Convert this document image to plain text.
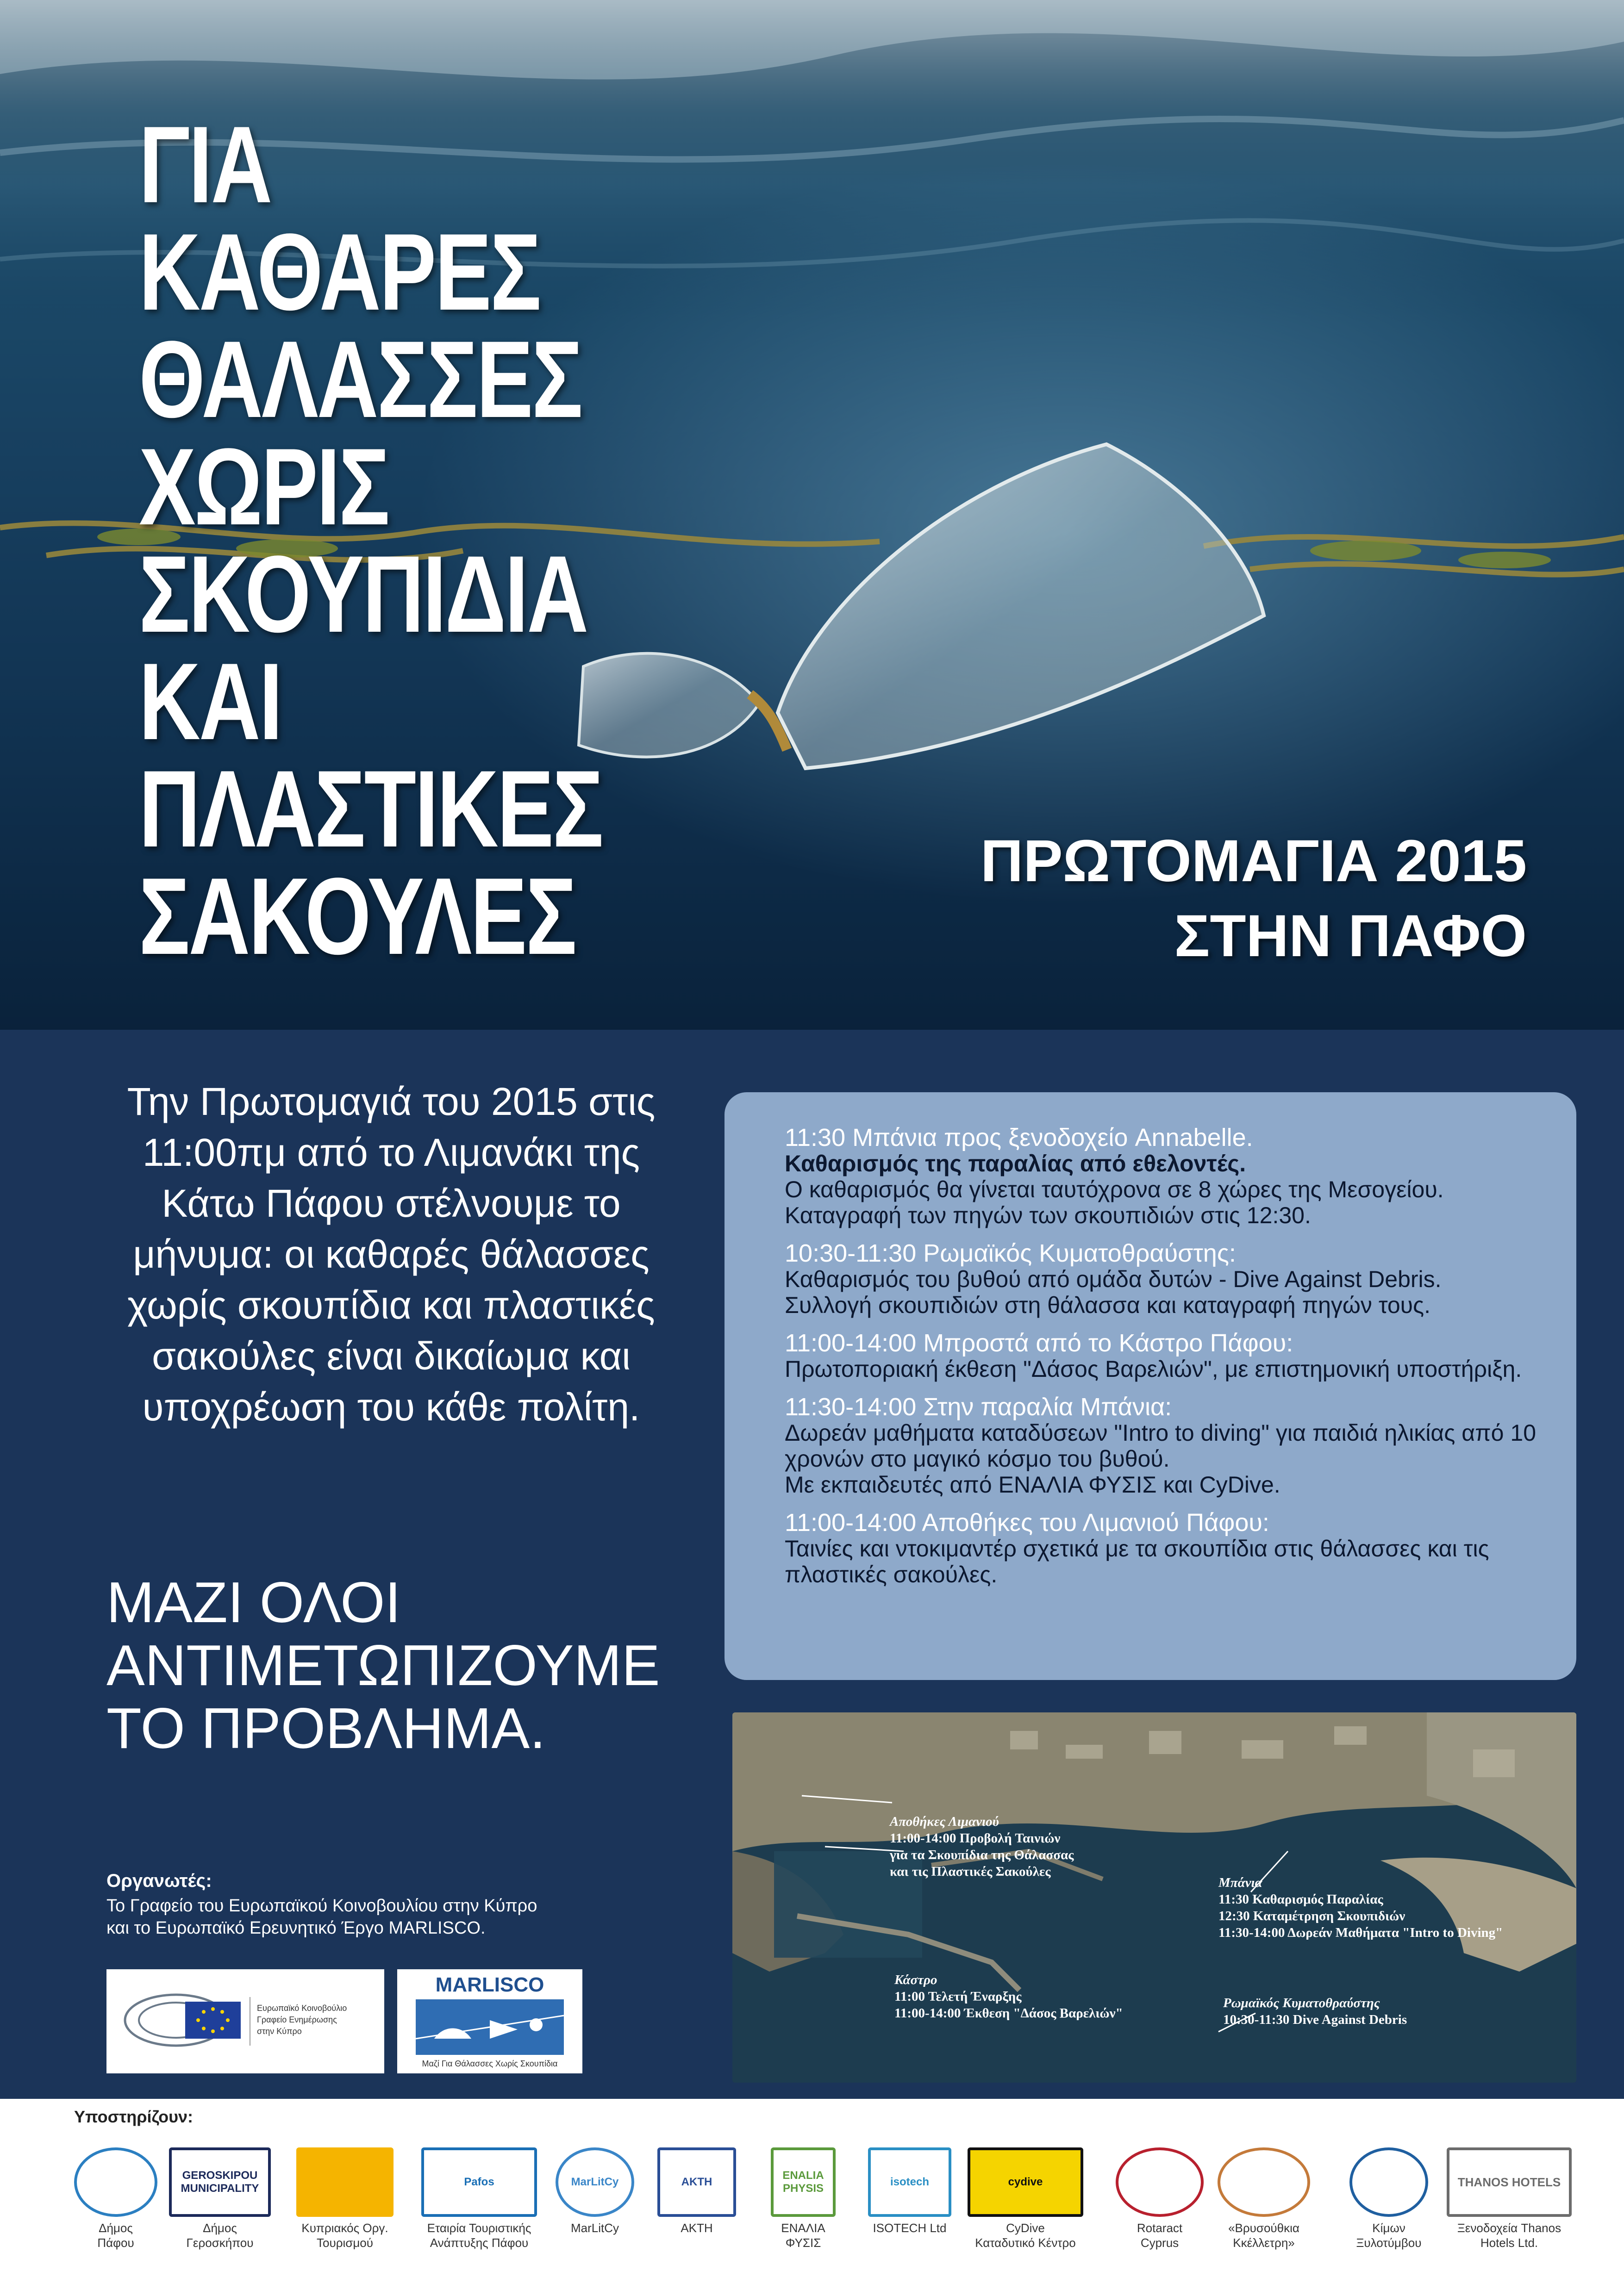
ΓΙΑ
ΚΑΘΑΡΕΣ
ΘΑΛΑΣΣΕΣ
ΧΩΡΙΣ
ΣΚΟΥΠΙΔΙΑ
ΚΑΙ
ΠΛΑΣΤΙΚΕΣ
ΣΑΚΟΥΛΕΣ	ΠΡΩΤΟΜΑΓΙΑ 2015
ΣΤΗΝ ΠΑΦΟ

Την Πρωτομαγιά του 2015 στις 11:00πμ από το Λιμανάκι της Κάτω Πάφου στέλνουμε το μήνυμα: οι καθαρές θάλασσες χωρίς σκουπίδια και πλαστικές σακούλες είναι δικαίωμα και υποχρέωση του κάθε πολίτη.

ΜΑΖΙ ΟΛΟΙ
ΑΝΤΙΜΕΤΩΠΙΖΟΥΜΕ
ΤΟ ΠΡΟΒΛΗΜΑ.

11:30 Μπάνια προς ξενοδοχείο Annabelle.

Καθαρισμός της παραλίας από εθελοντές.

Ο καθαρισμός θα γίνεται ταυτόχρονα σε 8 χώρες της Μεσογείου.

Καταγραφή των πηγών των σκουπιδιών στις 12:30.

10:30-11:30 Ρωμαϊκός Κυματοθραύστης:

Καθαρισμός του βυθού από ομάδα δυτών - Dive Against Debris.

Συλλογή σκουπιδιών στη θάλασσα και καταγραφή πηγών τους.

11:00-14:00 Μπροστά από το Κάστρο Πάφου:

Πρωτοποριακή έκθεση "Δάσος Βαρελιών", με επιστημονική υποστήριξη.

11:30-14:00 Στην παραλία Μπάνια:

Δωρεάν μαθήματα καταδύσεων "Intro to diving" για παιδιά ηλικίας από 10 χρονών στο μαγικό κόσμο του βυθού.

Με εκπαιδευτές από ΕΝΑΛΙΑ ΦΥΣΙΣ και CyDive.

11:00-14:00 Αποθήκες του Λιμανιού Πάφου:

Ταινίες και ντοκιμαντέρ σχετικά με τα σκουπίδια στις θάλασσες και τις πλαστικές σακούλες.

Αποθήκες Λιμανιού

11:00-14:00 Προβολή Ταινιών

για τα Σκουπίδια της Θάλασσας

και τις Πλαστικές Σακούλες

Κάστρο

11:00 Τελετή Έναρξης

11:00-14:00 Έκθεση "Δάσος Βαρελιών"

Μπάνια

11:30 Καθαρισμός Παραλίας

12:30 Καταμέτρηση Σκουπιδιών

11:30-14:00 Δωρεάν Μαθήματα "Intro to Diving"

Ρωμαϊκός Κυματοθραύστης

10:30-11:30 Dive Against Debris

Οργανωτές:

Το Γραφείο του Ευρωπαϊκού Κοινοβουλίου στην Κύπρο

και το Ευρωπαϊκό Ερευνητικό Έργο MARLISCO.

Ευρωπαϊκό Κοινοβούλιο
Γραφείο Ενημέρωσης
στην Κύπρο
MARLISCO
Μαζί Για Θάλασσες Χωρίς Σκουπίδια

Υποστηρίζουν:

Δήμος
Πάφου
GEROSKIPOU
MUNICIPALITY
Δήμος
Γεροσκήπου
Cyprus
Κυπριακός Οργ.
Τουρισμού
Pafos
Εταιρία Τουριστικής
Ανάπτυξης Πάφου
MarLitCy
MarLitCy
ΑΚΤΗ
ΑΚΤΗ
ENALIA
PHYSIS
ΕΝΑΛΙΑ ΦΥΣΙΣ
isotech
ISOTECH Ltd
cydive
CyDive
Καταδυτικό Κέντρο
Rotaract
Cyprus
«Βρυσούθκια
Κκέλλετρη»
Κίμων
Ξυλοτύμβου
THANOS HOTELS
Ξενοδοχεία Thanos
Hotels Ltd.
